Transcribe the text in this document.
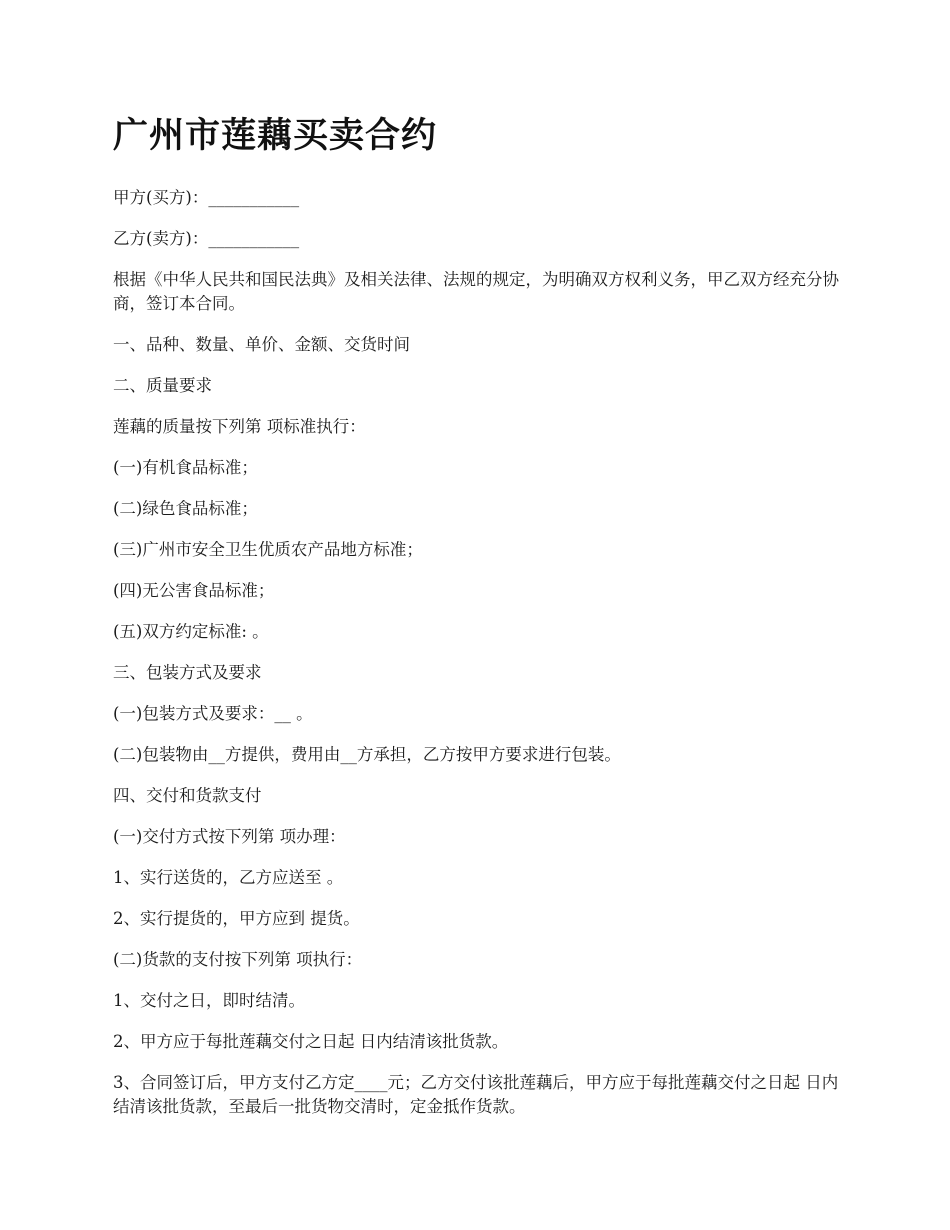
广州市莲藕买卖合约

甲方(买方)：___________

乙方(卖方)：___________

根据《中华人民共和国民法典》及相关法律、法规的规定，为明确双方权利义务，甲乙双方经充分协商，签订本合同。

一、品种、数量、单价、金额、交货时间

二、质量要求

莲藕的质量按下列第 项标准执行：

(一)有机食品标准；

(二)绿色食品标准；

(三)广州市安全卫生优质农产品地方标准；

(四)无公害食品标准；

(五)双方约定标准: 。

三、包装方式及要求

(一)包装方式及要求：__ 。

(二)包装物由__方提供，费用由__方承担，乙方按甲方要求进行包装。

四、交付和货款支付

(一)交付方式按下列第 项办理：

1、实行送货的，乙方应送至 。

2、实行提货的，甲方应到 提货。

(二)货款的支付按下列第 项执行：

1、交付之日，即时结清。

2、甲方应于每批莲藕交付之日起 日内结清该批货款。

3、合同签订后，甲方支付乙方定____元；乙方交付该批莲藕后，甲方应于每批莲藕交付之日起 日内结清该批货款，至最后一批货物交清时，定金抵作货款。
